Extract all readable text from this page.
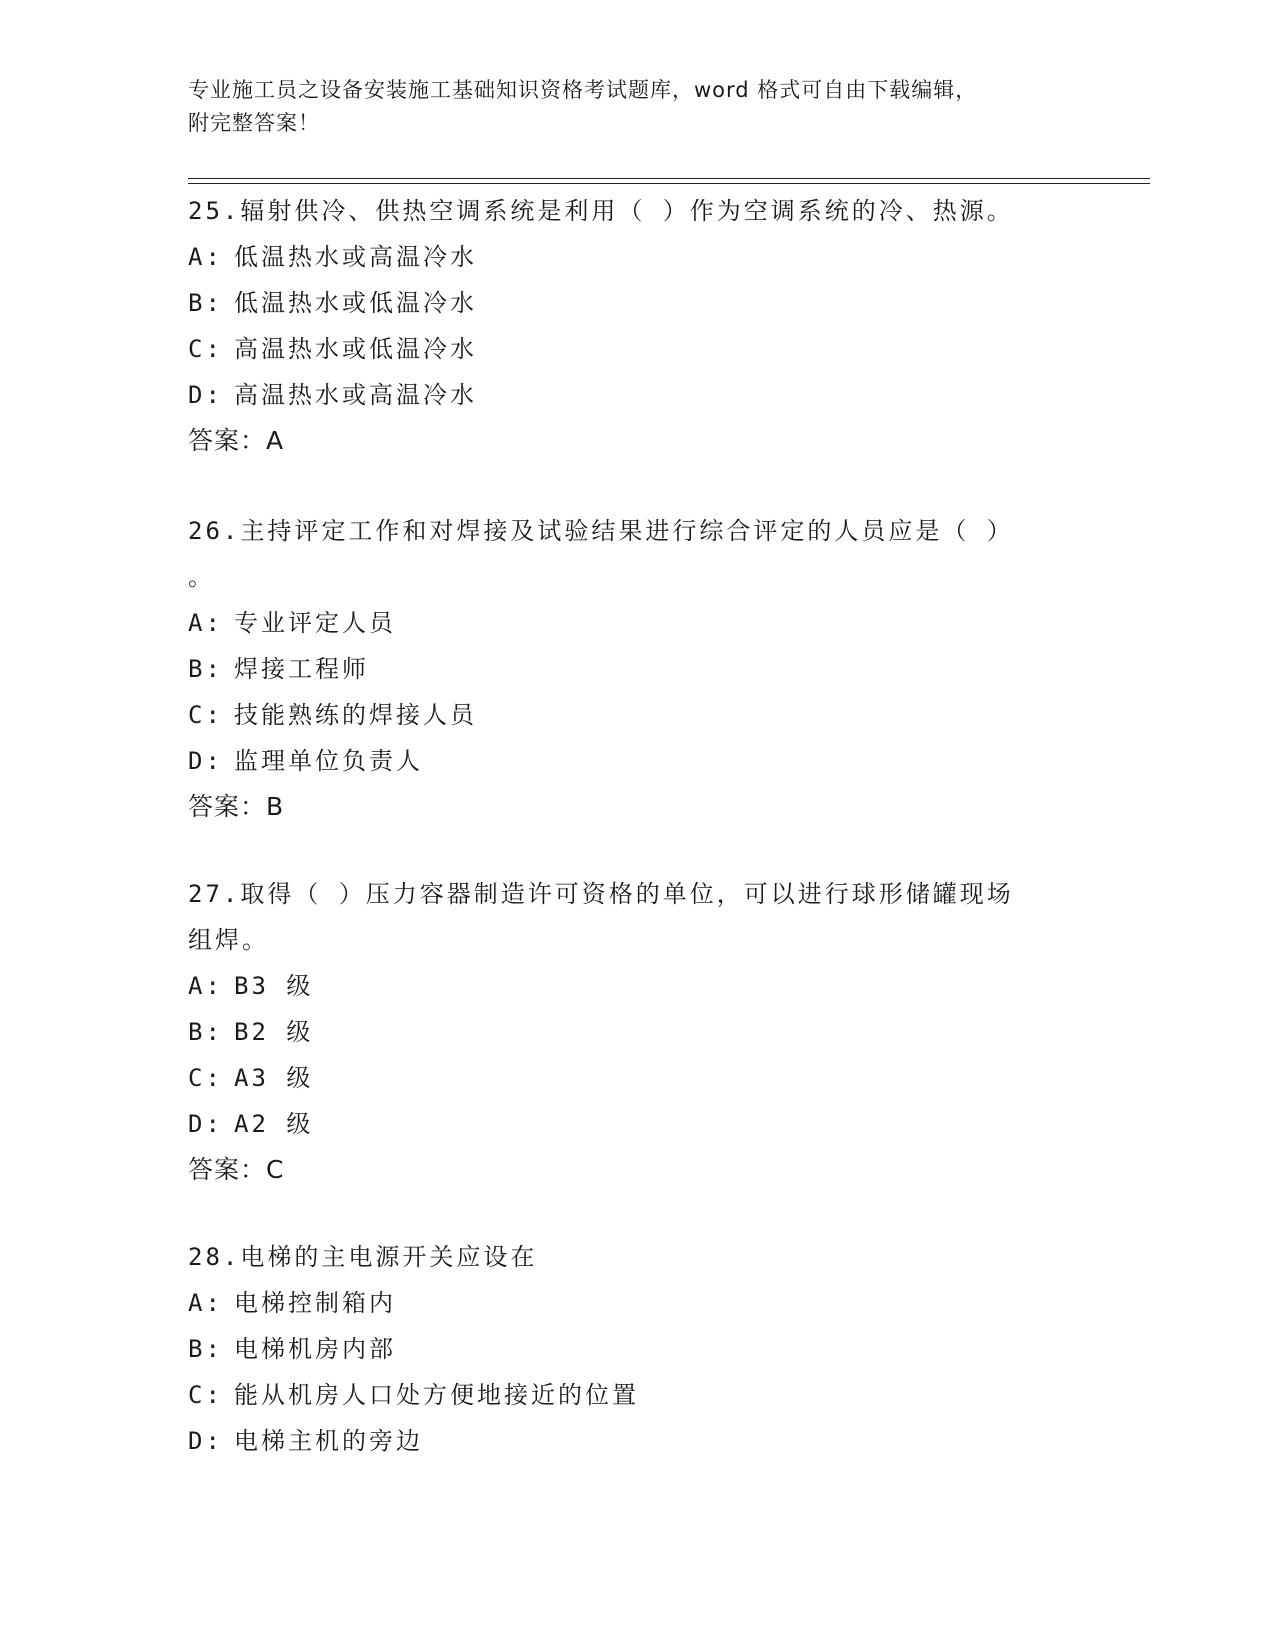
专业施工员之设备安装施工基础知识资格考试题库，word 格式可自由下载编辑，
附完整答案！
25.辐射供冷、供热空调系统是利用（ ）作为空调系统的冷、热源。
A: 低温热水或高温冷水
B: 低温热水或低温冷水
C: 高温热水或低温冷水
D: 高温热水或高温冷水
答案：A
26.主持评定工作和对焊接及试验结果进行综合评定的人员应是（ ）
。
A: 专业评定人员
B: 焊接工程师
C: 技能熟练的焊接人员
D: 监理单位负责人
答案：B
27.取得（ ）压力容器制造许可资格的单位，可以进行球形储罐现场
组焊。
A: B3 级
B: B2 级
C: A3 级
D: A2 级
答案：C
28.电梯的主电源开关应设在
A: 电梯控制箱内
B: 电梯机房内部
C: 能从机房人口处方便地接近的位置
D: 电梯主机的旁边
